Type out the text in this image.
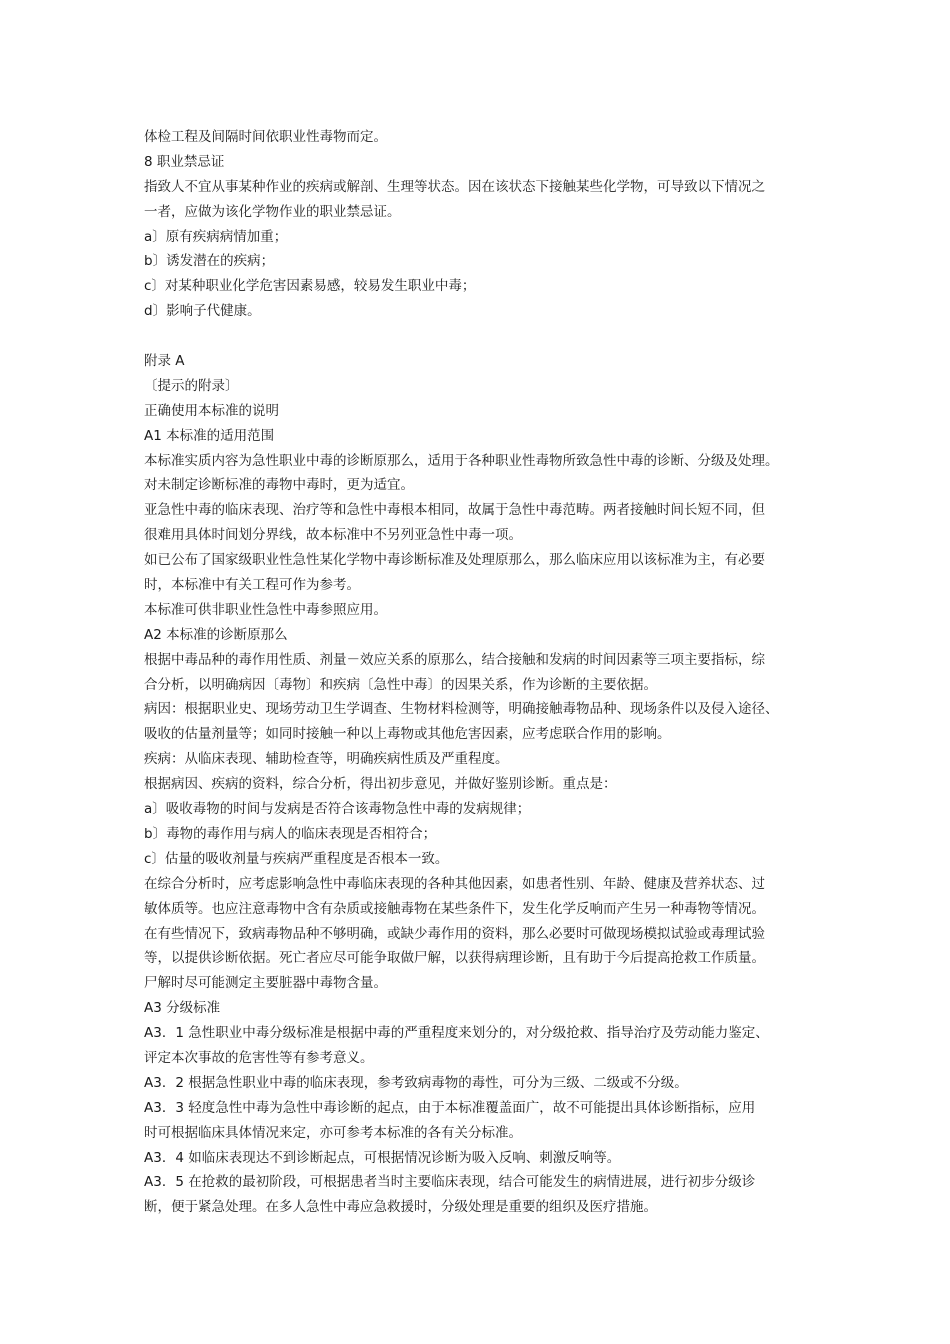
体检工程及间隔时间依职业性毒物而定。
8 职业禁忌证
指致人不宜从事某种作业的疾病或解剖、生理等状态。因在该状态下接触某些化学物，可导致以下情况之
一者，应做为该化学物作业的职业禁忌证。
a〕原有疾病病情加重；
b〕诱发潜在的疾病；
c〕对某种职业化学危害因素易感，较易发生职业中毒；
d〕影响子代健康。
附录 A
〔提示的附录〕
正确使用本标准的说明
A1 本标准的适用范围
本标准实质内容为急性职业中毒的诊断原那么，适用于各种职业性毒物所致急性中毒的诊断、分级及处理。
对未制定诊断标准的毒物中毒时，更为适宜。
亚急性中毒的临床表现、治疗等和急性中毒根本相同，故属于急性中毒范畴。两者接触时间长短不同，但
很难用具体时间划分界线，故本标准中不另列亚急性中毒一项。
如已公布了国家级职业性急性某化学物中毒诊断标准及处理原那么，那么临床应用以该标准为主，有必要
时，本标准中有关工程可作为参考。
本标准可供非职业性急性中毒参照应用。
A2 本标准的诊断原那么
根据中毒品种的毒作用性质、剂量－效应关系的原那么，结合接触和发病的时间因素等三项主要指标，综
合分析，以明确病因〔毒物〕和疾病〔急性中毒〕的因果关系，作为诊断的主要依据。
病因：根据职业史、现场劳动卫生学调查、生物材料检测等，明确接触毒物品种、现场条件以及侵入途径、
吸收的估量剂量等；如同时接触一种以上毒物或其他危害因素，应考虑联合作用的影响。
疾病：从临床表现、辅助检查等，明确疾病性质及严重程度。
根据病因、疾病的资料，综合分析，得出初步意见，并做好鉴别诊断。重点是：
a〕吸收毒物的时间与发病是否符合该毒物急性中毒的发病规律；
b〕毒物的毒作用与病人的临床表现是否相符合；
c〕估量的吸收剂量与疾病严重程度是否根本一致。
在综合分析时，应考虑影响急性中毒临床表现的各种其他因素，如患者性别、年龄、健康及营养状态、过
敏体质等。也应注意毒物中含有杂质或接触毒物在某些条件下，发生化学反响而产生另一种毒物等情况。
在有些情况下，致病毒物品种不够明确，或缺少毒作用的资料，那么必要时可做现场模拟试验或毒理试验
等，以提供诊断依据。死亡者应尽可能争取做尸解，以获得病理诊断，且有助于今后提高抢救工作质量。
尸解时尽可能测定主要脏器中毒物含量。
A3 分级标准
A3．1 急性职业中毒分级标准是根据中毒的严重程度来划分的，对分级抢救、指导治疗及劳动能力鉴定、
评定本次事故的危害性等有参考意义。
A3．2 根据急性职业中毒的临床表现，参考致病毒物的毒性，可分为三级、二级或不分级。
A3．3 轻度急性中毒为急性中毒诊断的起点，由于本标准覆盖面广，故不可能提出具体诊断指标，应用
时可根据临床具体情况来定，亦可参考本标准的各有关分标准。
A3．4 如临床表现达不到诊断起点，可根据情况诊断为吸入反响、刺激反响等。
A3．5 在抢救的最初阶段，可根据患者当时主要临床表现，结合可能发生的病情进展，进行初步分级诊
断，便于紧急处理。在多人急性中毒应急救援时，分级处理是重要的组织及医疗措施。
